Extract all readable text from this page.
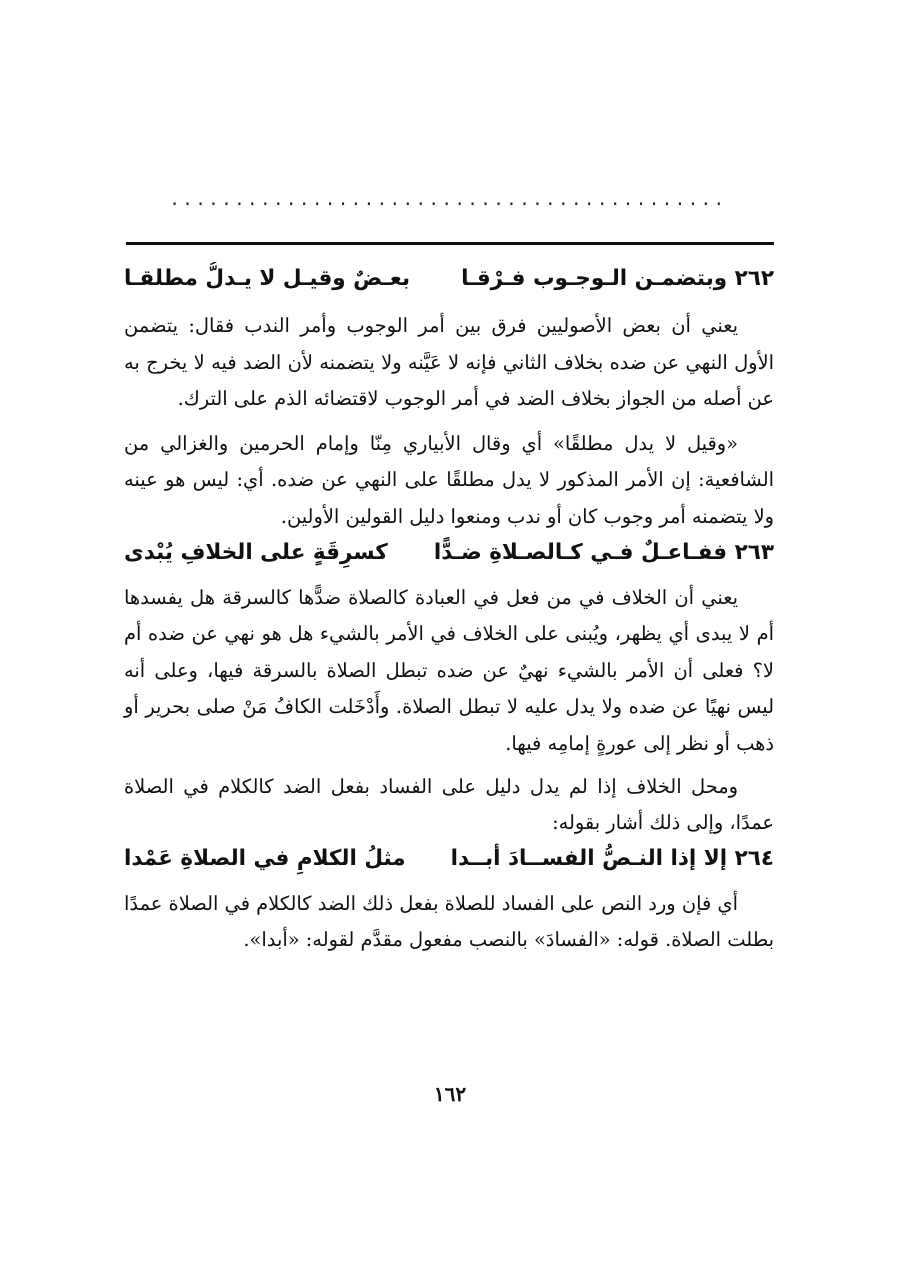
...........................................
٢٦٢ وبتضمـن الـوجـوب فـرْقـا
بعـضٌ وقيـل لا يـدلُّ مطلقـا

يعني أن بعض الأصوليين فرق بين أمر الوجوب وأمر الندب فقال: يتضمن الأول النهي عن ضده بخلاف الثاني فإنه لا عَيَّنه ولا يتضمنه لأن الضد فيه لا يخرج به عن أصله من الجواز بخلاف الضد في أمر الوجوب لاقتضائه الذم على الترك.

«وقيل لا يدل مطلقًا» أي وقال الأبياري مِنّا وإمام الحرمين والغزالي من الشافعية: إن الأمر المذكور لا يدل مطلقًا على النهي عن ضده. أي: ليس هو عينه ولا يتضمنه أمر وجوب كان أو ندب ومنعوا دليل القولين الأولين.

٢٦٣ ففـاعـلٌ فـي كـالصـلاةِ ضـدًّا
كسرِقَةٍ على الخلافِ يُبْدى

يعني أن الخلاف في من فعل في العبادة كالصلاة ضدًّها كالسرقة هل يفسدها أم لا يبدى أي يظهر، ويُبنى على الخلاف في الأمر بالشيء هل هو نهي عن ضده أم لا؟ فعلى أن الأمر بالشيء نهيٌ عن ضده تبطل الصلاة بالسرقة فيها، وعلى أنه ليس نهيًا عن ضده ولا يدل عليه لا تبطل الصلاة. وأَدْخَلت الكافُ مَنْ صلى بحرير أو ذهب أو نظر إلى عورةٍ إمامِه فيها.

ومحل الخلاف إذا لم يدل دليل على الفساد بفعل الضد كالكلام في الصلاة عمدًا، وإلى ذلك أشار بقوله:

٢٦٤ إلا إذا النـصُّ الفســادَ أبــدا
مثلُ الكلامِ في الصلاةِ عَمْدا

أي فإن ورد النص على الفساد للصلاة بفعل ذلك الضد كالكلام في الصلاة عمدًا بطلت الصلاة. قوله: «الفسادَ» بالنصب مفعول مقدَّم لقوله: «أبدا».

١٦٢
